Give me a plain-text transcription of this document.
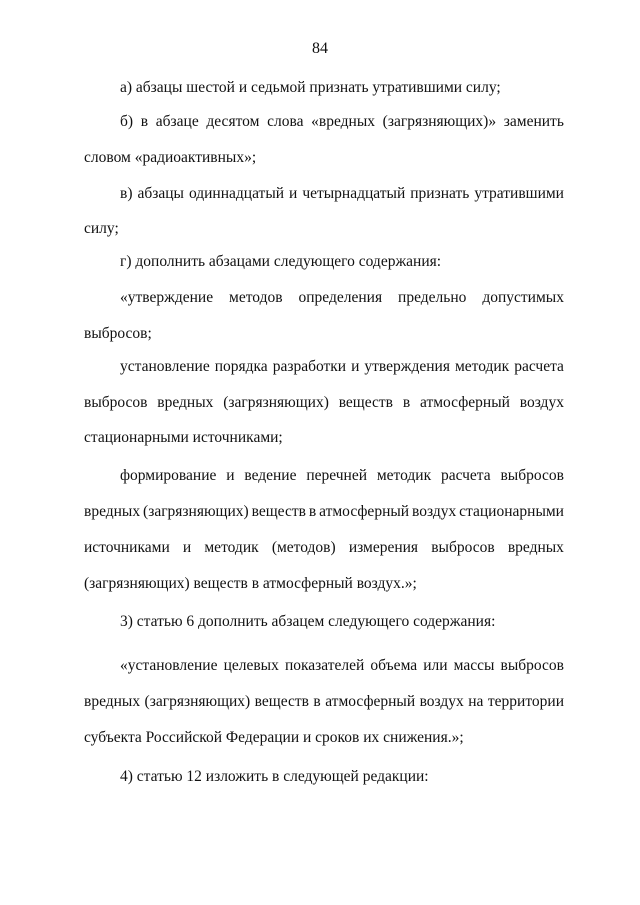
84
а) абзацы шестой и седьмой признать утратившими силу;
б) в абзаце десятом слова «вредных (загрязняющих)» заменить
словом «радиоактивных»;
в) абзацы одиннадцатый и четырнадцатый признать утратившими
силу;
г) дополнить абзацами следующего содержания:
«утверждение методов определения предельно допустимых
выбросов;
установление порядка разработки и утверждения методик расчета
выбросов вредных (загрязняющих) веществ в атмосферный воздух
стационарными источниками;
формирование и ведение перечней методик расчета выбросов
вредных (загрязняющих) веществ в атмосферный воздух стационарными
источниками и методик (методов) измерения выбросов вредных
(загрязняющих) веществ в атмосферный воздух.»;
3) статью 6 дополнить абзацем следующего содержания:
«установление целевых показателей объема или массы выбросов
вредных (загрязняющих) веществ в атмосферный воздух на территории
субъекта Российской Федерации и сроков их снижения.»;
4) статью 12 изложить в следующей редакции:
